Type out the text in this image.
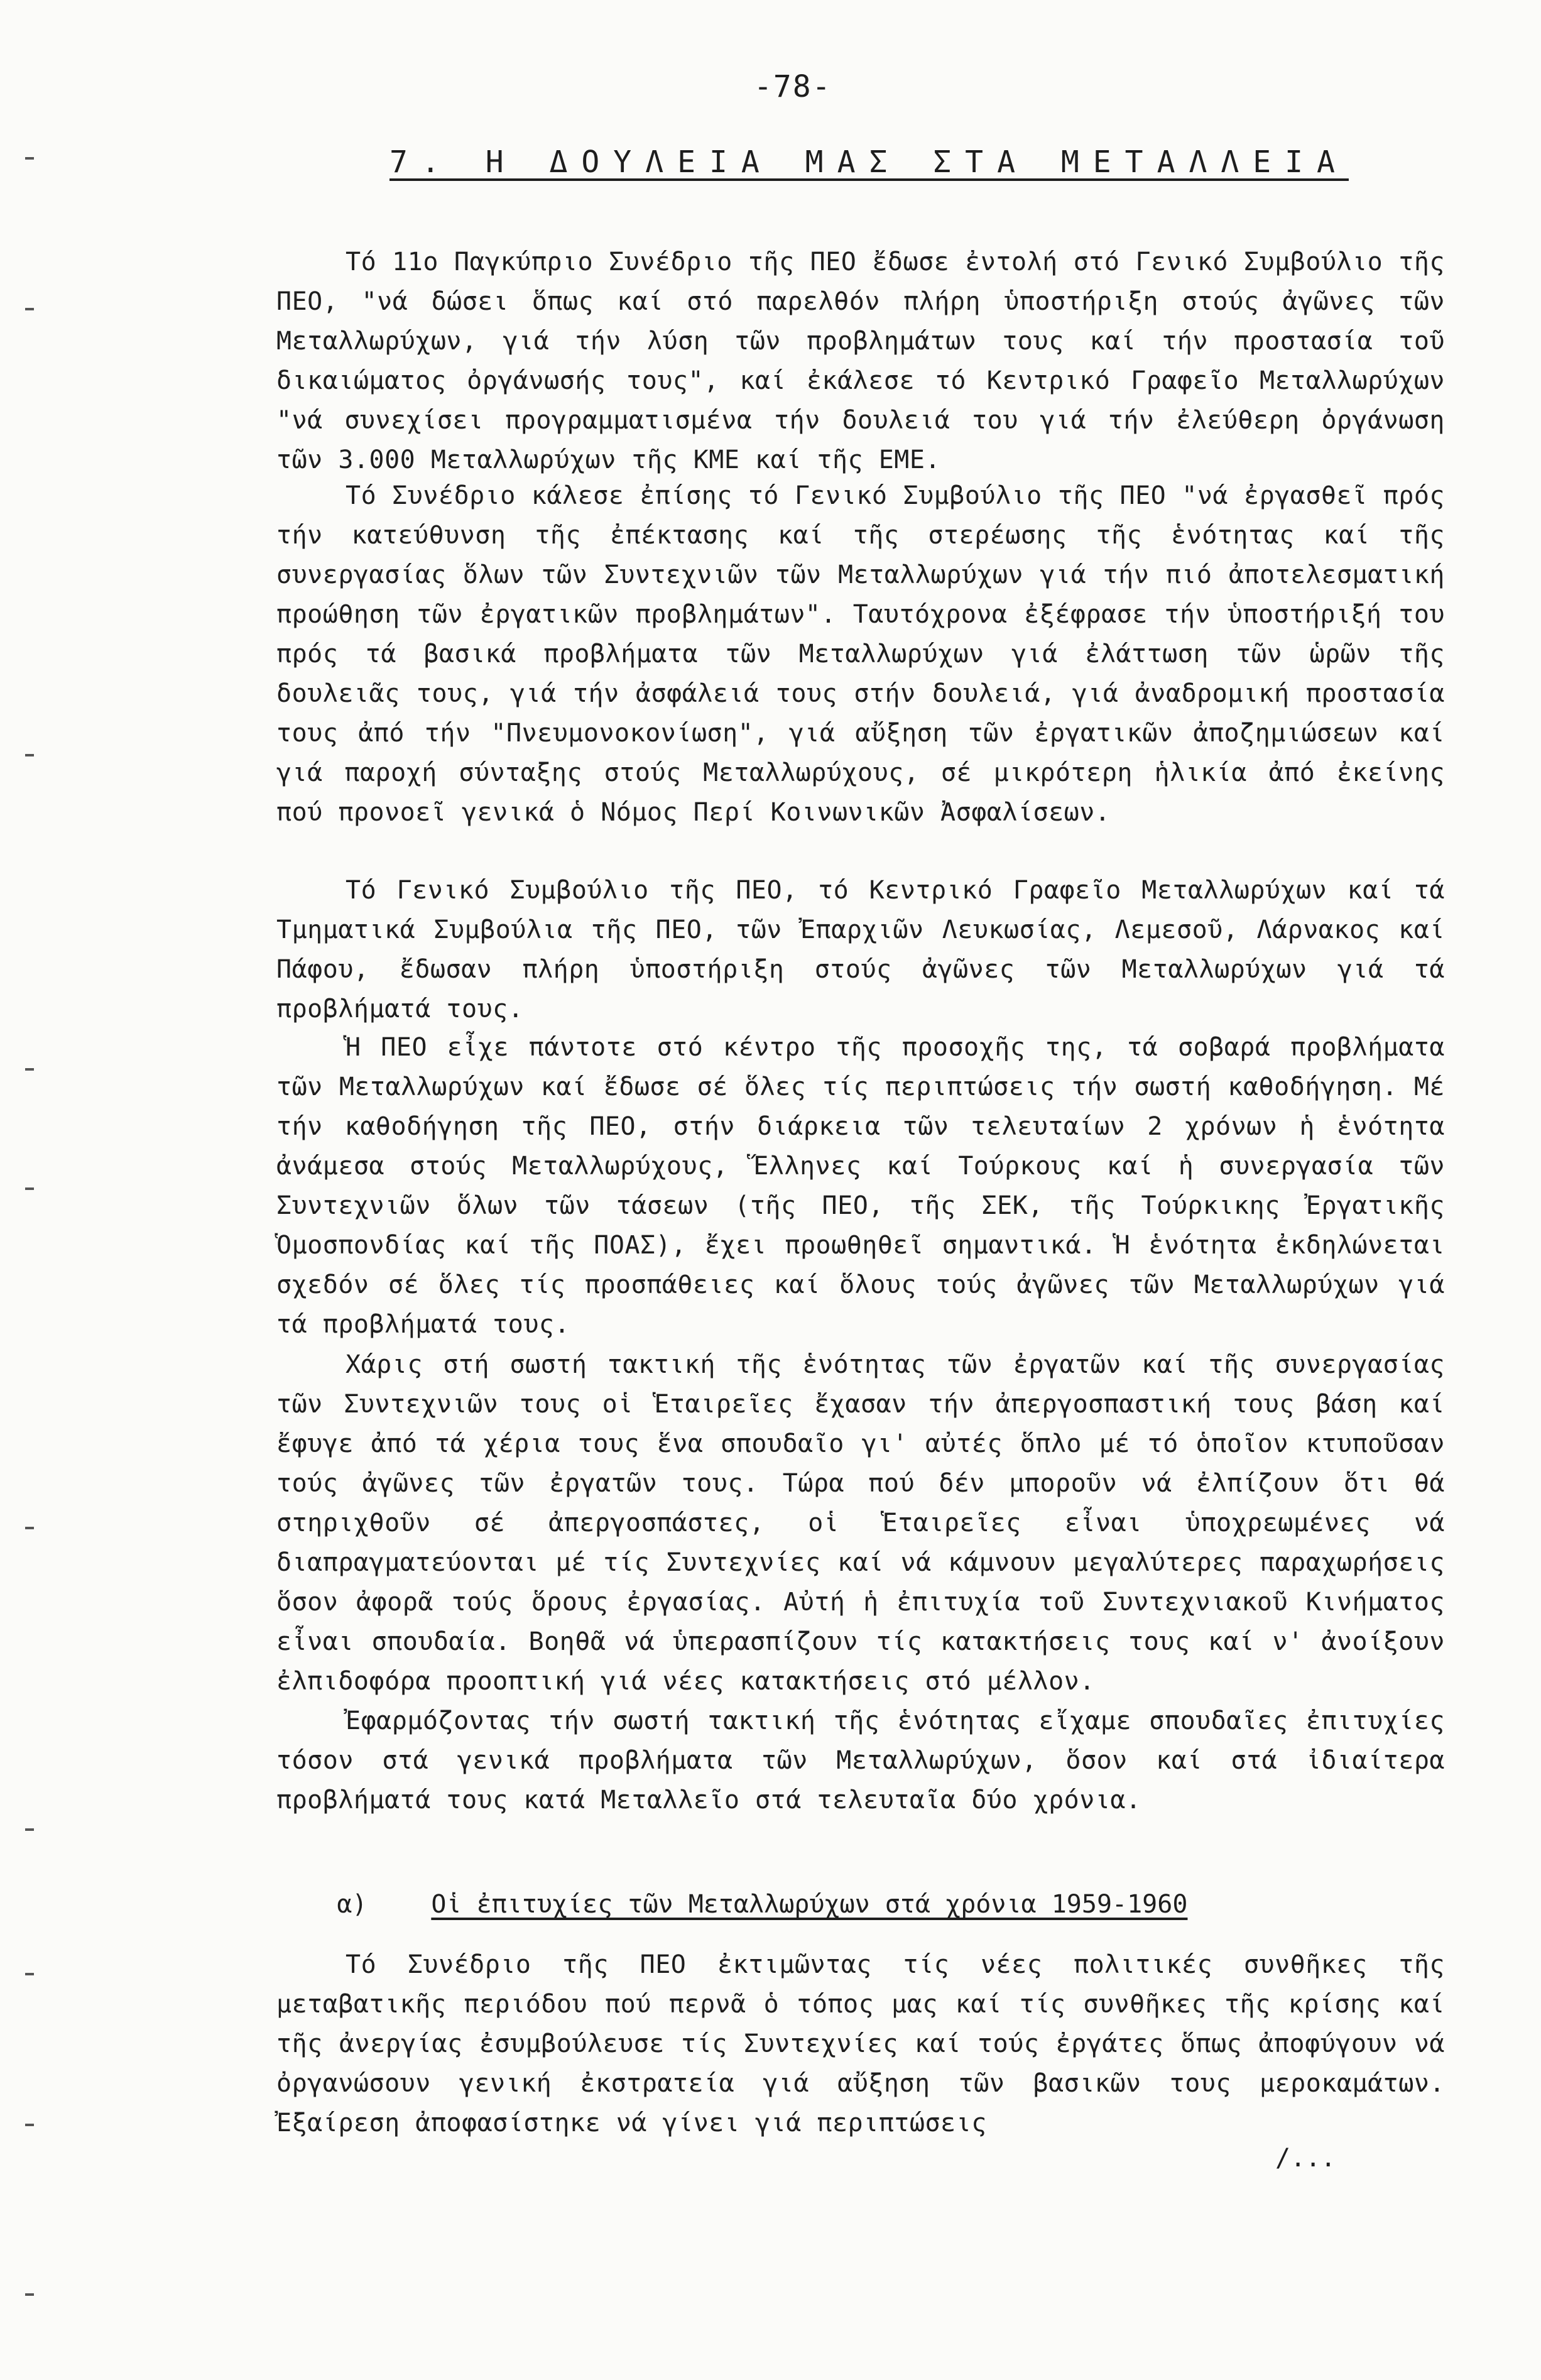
-78-
7. Η ΔΟΥΛΕΙΑ ΜΑΣ ΣΤΑ ΜΕΤΑΛΛΕΙΑ

Τό 11ο Παγκύπριο Συνέδριο τῆς ΠΕΟ ἔδωσε ἐντολή στό Γενικό Συμβούλιο τῆς ΠΕΟ, "νά δώσει ὅπως καί στό παρελθόν πλήρη ὑποστήριξη στούς ἀγῶνες τῶν Μεταλλωρύχων, γιά τήν λύση τῶν προβλημάτων τους καί τήν προστασία τοῦ δικαιώματος ὀργάνωσής τους", καί ἐκάλεσε τό Κεντρικό Γραφεῖο Μεταλλωρύχων "νά συνεχίσει προγραμματισμένα τήν δουλειά του γιά τήν ἐλεύθερη ὀργάνωση τῶν 3.000 Μεταλλωρύχων τῆς ΚΜΕ καί τῆς ΕΜΕ.

Τό Συνέδριο κάλεσε ἐπίσης τό Γενικό Συμβούλιο τῆς ΠΕΟ "νά ἐργασθεῖ πρός τήν κατεύθυνση τῆς ἐπέκτασης καί τῆς στερέωσης τῆς ἑνότητας καί τῆς συνεργασίας ὅλων τῶν Συντεχνιῶν τῶν Μεταλλωρύχων γιά τήν πιό ἀποτελεσματική προώθηση τῶν ἐργατικῶν προβλημάτων". Ταυτόχρονα ἐξέφρασε τήν ὑποστήριξή του πρός τά βασικά προβλήματα τῶν Μεταλλωρύχων γιά ἐλάττωση τῶν ὡρῶν τῆς δουλειᾶς τους, γιά τήν ἀσφάλειά τους στήν δουλειά, γιά ἀναδρομική προστασία τους ἀπό τήν "Πνευμονοκονίωση", γιά αὔξηση τῶν ἐργατικῶν ἀποζημιώσεων καί γιά παροχή σύνταξης στούς Μεταλλωρύχους, σέ μικρότερη ἡλικία ἀπό ἐκείνης πού προνοεῖ γενικά ὁ Νόμος Περί Κοινωνικῶν Ἀσφαλίσεων.

Τό Γενικό Συμβούλιο τῆς ΠΕΟ, τό Κεντρικό Γραφεῖο Μεταλλωρύχων καί τά Τμηματικά Συμβούλια τῆς ΠΕΟ, τῶν Ἐπαρχιῶν Λευκωσίας, Λεμεσοῦ, Λάρνακος καί Πάφου, ἔδωσαν πλήρη ὑποστήριξη στούς ἀγῶνες τῶν Μεταλλωρύχων γιά τά προβλήματά τους.

Ἡ ΠΕΟ εἶχε πάντοτε στό κέντρο τῆς προσοχῆς της, τά σοβαρά προβλήματα τῶν Μεταλλωρύχων καί ἔδωσε σέ ὅλες τίς περιπτώσεις τήν σωστή καθοδήγηση. Μέ τήν καθοδήγηση τῆς ΠΕΟ, στήν διάρκεια τῶν τελευταίων 2 χρόνων ἡ ἑνότητα ἀνάμεσα στούς Μεταλλωρύχους, Ἕλληνες καί Τούρκους καί ἡ συνεργασία τῶν Συντεχνιῶν ὅλων τῶν τάσεων (τῆς ΠΕΟ, τῆς ΣΕΚ, τῆς Τούρκικης Ἐργατικῆς Ὁμοσπονδίας καί τῆς ΠΟΑΣ), ἔχει προωθηθεῖ σημαντικά. Ἡ ἑνότητα ἐκδηλώνεται σχεδόν σέ ὅλες τίς προσπάθειες καί ὅλους τούς ἀγῶνες τῶν Μεταλλωρύχων γιά τά προβλήματά τους.

Χάρις στή σωστή τακτική τῆς ἑνότητας τῶν ἐργατῶν καί τῆς συνεργασίας τῶν Συντεχνιῶν τους οἱ Ἑταιρεῖες ἔχασαν τήν ἀπεργοσπαστική τους βάση καί ἔφυγε ἀπό τά χέρια τους ἕνα σπουδαῖο γι' αὐτές ὅπλο μέ τό ὁποῖον κτυποῦσαν τούς ἀγῶνες τῶν ἐργατῶν τους. Τώρα πού δέν μποροῦν νά ἐλπίζουν ὅτι θά στηριχθοῦν σέ ἀπεργοσπάστες, οἱ Ἑταιρεῖες εἶναι ὑποχρεωμένες νά διαπραγματεύονται μέ τίς Συντεχνίες καί νά κάμνουν μεγαλύτερες παραχωρήσεις ὅσον ἀφορᾶ τούς ὅρους ἐργασίας. Αὐτή ἡ ἐπιτυχία τοῦ Συντεχνιακοῦ Κινήματος εἶναι σπουδαία. Βοηθᾶ νά ὑπερασπίζουν τίς κατακτήσεις τους καί ν' ἀνοίξουν ἐλπιδοφόρα προοπτική γιά νέες κατακτήσεις στό μέλλον.

Ἐφαρμόζοντας τήν σωστή τακτική τῆς ἑνότητας εἴχαμε σπουδαῖες ἐπιτυχίες τόσον στά γενικά προβλήματα τῶν Μεταλλωρύχων, ὅσον καί στά ἰδιαίτερα προβλήματά τους κατά Μεταλλεῖο στά τελευταῖα δύο χρόνια.

α)	Οἱ ἐπιτυχίες τῶν Μεταλλωρύχων στά χρόνια 1959-1960

Τό Συνέδριο τῆς ΠΕΟ ἐκτιμῶντας τίς νέες πολιτικές συνθῆκες τῆς μεταβατικῆς περιόδου πού περνᾶ ὁ τόπος μας καί τίς συνθῆκες τῆς κρίσης καί τῆς ἀνεργίας ἐσυμβούλευσε τίς Συντεχνίες καί τούς ἐργάτες ὅπως ἀποφύγουν νά ὀργανώσουν γενική ἐκστρατεία γιά αὔξηση τῶν βασικῶν τους μεροκαμάτων. Ἐξαίρεση ἀποφασίστηκε νά γίνει γιά περιπτώσεις

/...
